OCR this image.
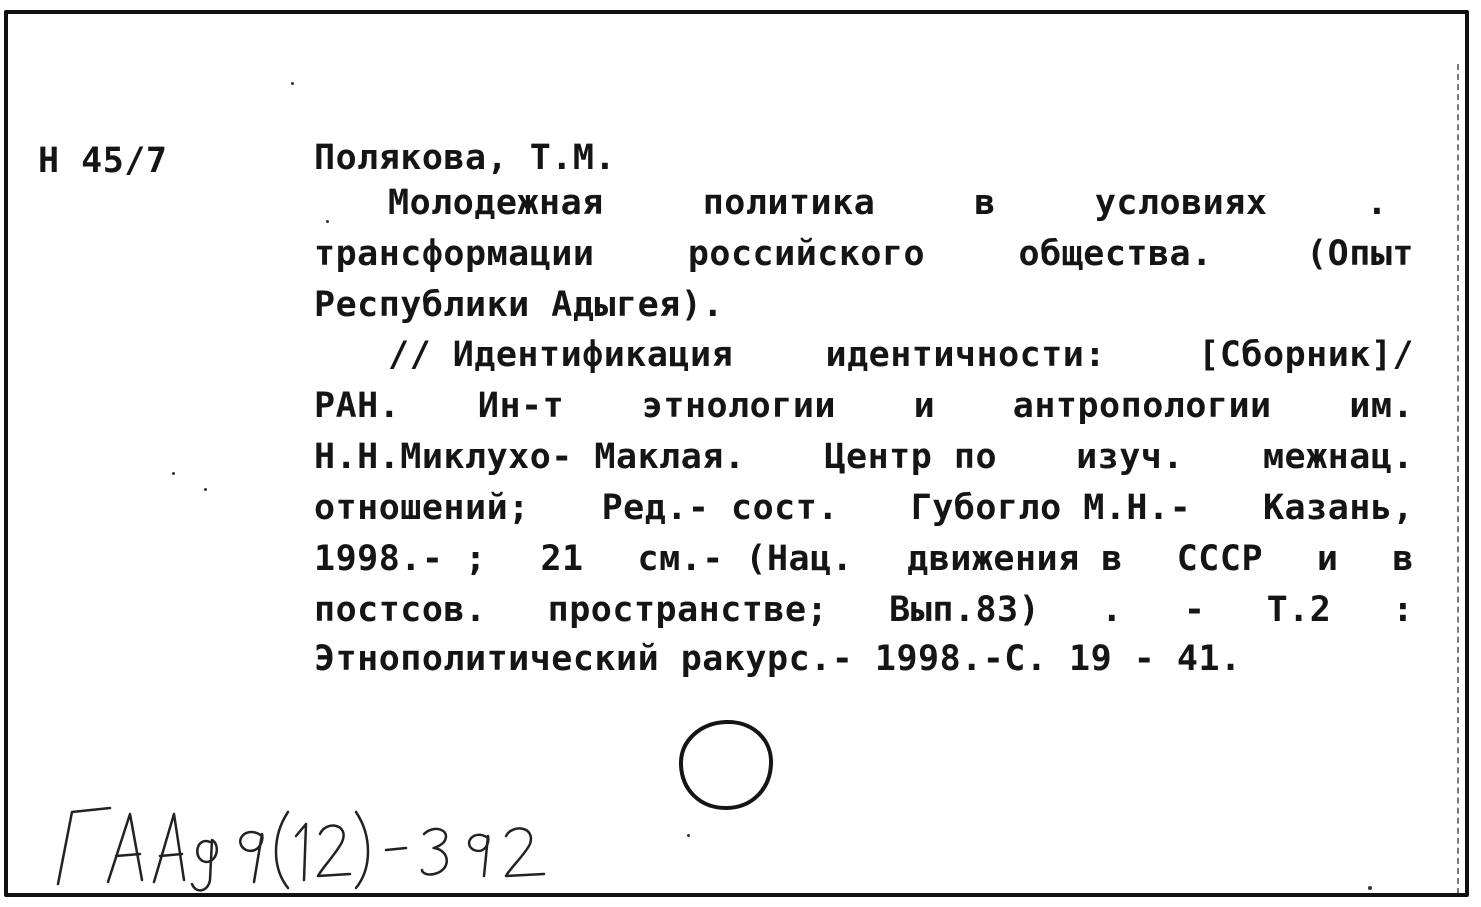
Н 45/7	Полякова, Т.М.
Молодежная	политика	в	условиях	.
трансформации	российского	общества.	(Опыт
Республики Адыгея).
// Идентификация	идентичности:	[Сборник]/
РАН. Ин-т этнологии и антропологии им.
Н.Н.Миклухо- Маклая. Центр по изуч. межнац.
отношений; Ред.- сост. Губогло М.Н.- Казань,
1998.- ; 21 см.- (Нац. движения в СССР и в
постсов. пространстве; Вып.83) . - Т.2 :
Этнополитический ракурс.- 1998.-С. 19 - 41.
